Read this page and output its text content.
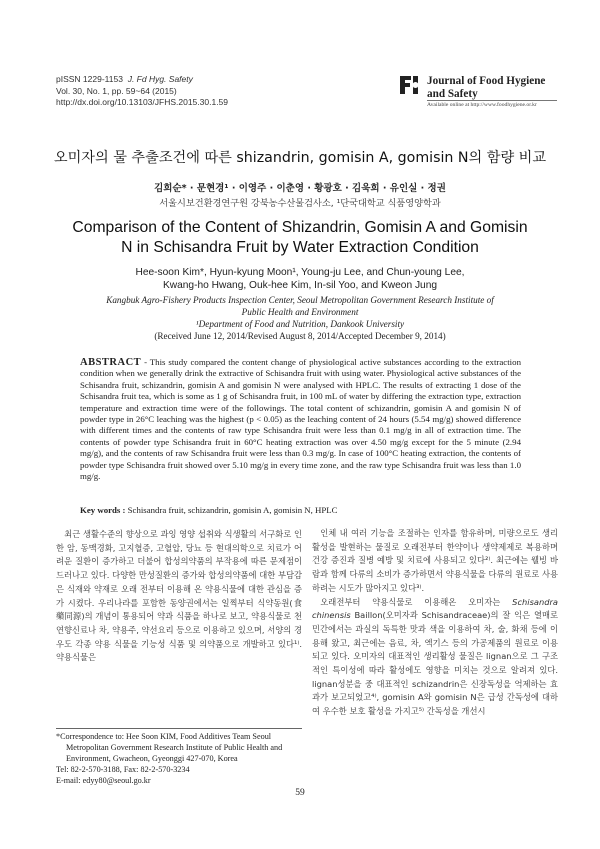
pISSN 1229-1153 J. Fd Hyg. Safety
Vol. 30, No. 1, pp. 59~64 (2015)
http://dx.doi.org/10.13103/JFHS.2015.30.1.59
Journal of Food Hygiene
and Safety
Available online at http://www.foodhygiene.or.kr
오미자의 물 추출조건에 따른 shizandrin, gomisin A, gomisin N의 함량 비교
김희순* · 문현경¹ · 이영주 · 이춘영 · 황광호 · 김욱희 · 유인실 · 정권
서울시보건환경연구원 강북농수산물검사소, ¹단국대학교 식품영양학과
Comparison of the Content of Shizandrin, Gomisin A and Gomisin
N in Schisandra Fruit by Water Extraction Condition
Hee-soon Kim*, Hyun-kyung Moon¹, Young-ju Lee, and Chun-young Lee,
Kwang-ho Hwang, Ouk-hee Kim, In-sil Yoo, and Kweon Jung
Kangbuk Agro-Fishery Products Inspection Center, Seoul Metropolitan Government Research Institute of
Public Health and Environment
¹Department of Food and Nutrition, Dankook University
(Received June 12, 2014/Revised August 8, 2014/Accepted December 9, 2014)
ABSTRACT - This study compared the content change of physiological active substances according to the extraction condition when we generally drink the extractive of Schisandra fruit with using water. Physiological active substances of the Schisandra fruit, schizandrin, gomisin A and gomisin N were analysed with HPLC. The results of extracting 1 dose of the Schisandra fruit tea, which is some as 1 g of Schisandra fruit, in 100 mL of water by differing the extraction type, extraction temperature and extraction time were of the followings. The total content of schizandrin, gomisin A and gomisin N of powder type in 26°C leaching was the highest (p < 0.05) as the leaching content of 24 hours (5.54 mg/g) showed difference with different times and the contents of raw type Schisandra fruit were less than 0.1 mg/g in all of extraction time. The contents of powder type Schisandra fruit in 60°C heating extraction was over 4.50 mg/g except for the 5 minute (2.94 mg/g), and the contents of raw Schisandra fruit were less than 0.3 mg/g. In case of 100°C heating extraction, the contents of powder type Schisandra fruit showed over 5.10 mg/g in every time zone, and the raw type Schisandra fruit was less than 1.0 mg/g.
Key words : Schisandra fruit, schizandrin, gomisin A, gomisin N, HPLC

최근 생활수준의 향상으로 과잉 영양 섭취와 식생활의 서구화로 인한 암, 동맥경화, 고지혈증, 고혈압, 당뇨 등 현대의학으로 치료가 어려운 질환이 증가하고 더불어 합성의약품의 부작용에 따른 문제점이 드러나고 있다. 다양한 만성질환의 증가와 합성의약품에 대한 부담감은 식재와 약재로 오래 전부터 이용해 온 약용식물에 대한 관심을 증가 시켰다. 우리나라를 포함한 동양권에서는 일찍부터 식약동원(食藥同源)의 개념이 통용되어 약과 식품을 하나로 보고, 약용식물로 천연향신료나 차, 약용주, 약선요리 등으로 이용하고 있으며, 서양의 경우도 각종 약용 식물을 기능성 식품 및 의약품으로 개발하고 있다¹⁾. 약용식물은

인체 내 여러 기능을 조절하는 인자를 함유하며, 미량으로도 생리활성을 발현하는 물질로 오래전부터 한약이나 생약제제로 복용하며 건강 증진과 질병 예방 및 치료에 사용되고 있다²⁾. 최근에는 웰빙 바람과 함께 다류의 소비가 증가하면서 약용식물을 다류의 원료로 사용하려는 시도가 많아지고 있다³⁾.

오래전부터 약용식물로 이용해온 오미자는 Schisandra chinensis Baillon(오미자과 Schisandraceae)의 잘 익은 열매로 민간에서는 과실의 독특한 맛과 색을 이용하여 차, 술, 화채 등에 이용해 왔고, 최근에는 음료, 차, 엑기스 등의 가공제품의 원료로 이용되고 있다. 오미자의 대표적인 생리활성 물질은 lignan으로 그 구조적인 특이성에 따라 활성에도 영향을 미치는 것으로 알려져 있다. lignan성분을 중 대표적인 schizandrin은 신장독성을 억제하는 효과가 보고되었고⁴⁾, gomisin A와 gomisin N은 급성 간독성에 대하여 우수한 보호 활성을 가지고⁵⁾ 간독성을 개선시

*Correspondence to: Hee Soon KIM, Food Additives Team Seoul Metropolitan Government Research Institute of Public Health and Environment, Gwacheon, Gyeonggi 427-070, Korea
Tel: 82-2-570-3188, Fax: 82-2-570-3234
E-mail: edyy80@seoul.go.kr
59
